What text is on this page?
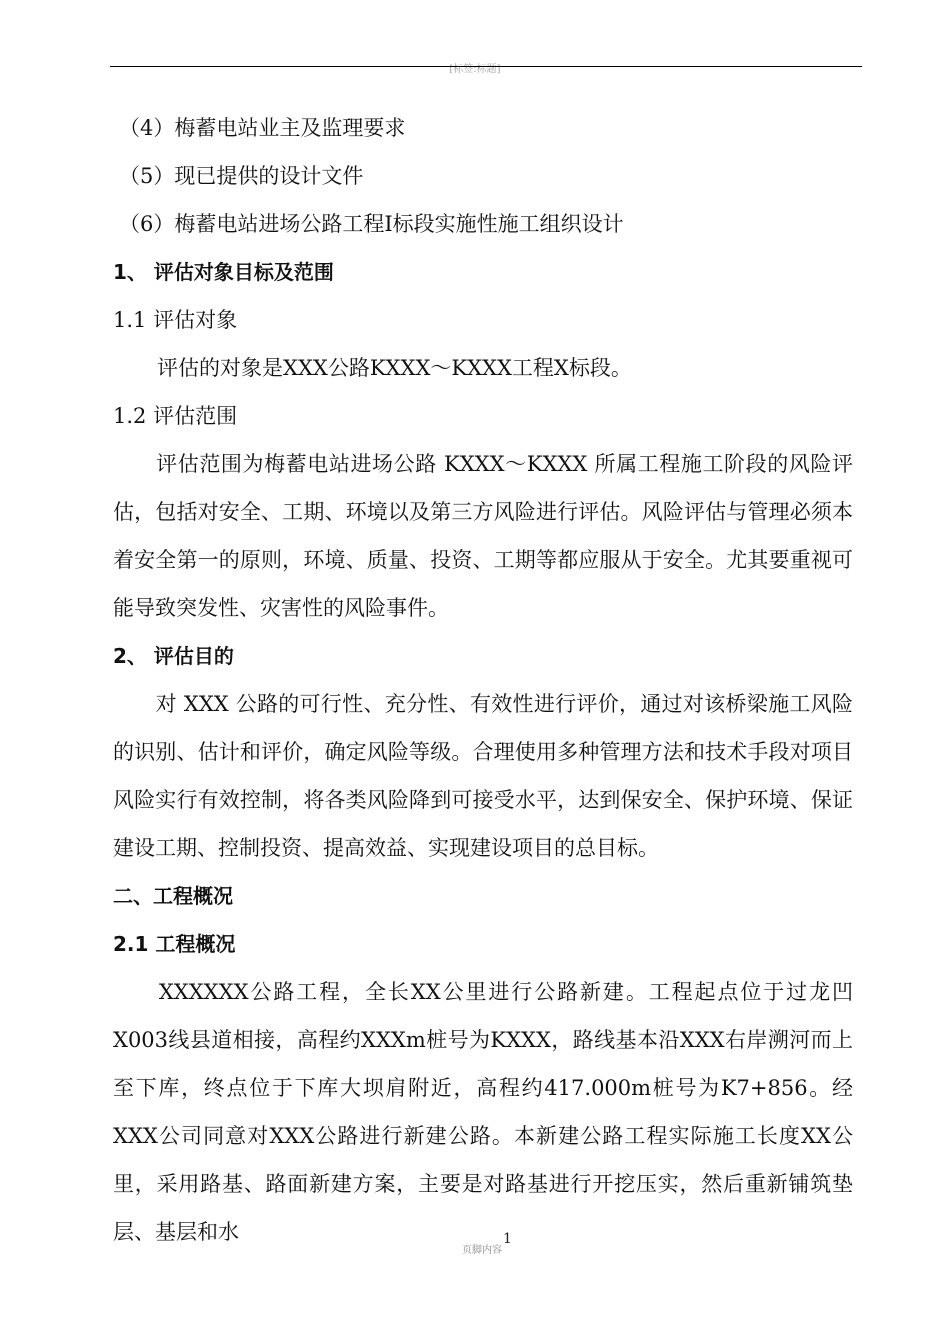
[标签:标题]
（4）梅蓄电站业主及监理要求
（5）现已提供的设计文件
（6）梅蓄电站进场公路工程Ⅰ标段实施性施工组织设计
1、 评估对象目标及范围
1.1 评估对象
评估的对象是XXX公路KXXX～KXXX工程X标段。
1.2 评估范围
　　评估范围为梅蓄电站进场公路 KXXX～KXXX 所属工程施工阶段的风险评估，包括对安全、工期、环境以及第三方风险进行评估。风险评估与管理必须本着安全第一的原则，环境、质量、投资、工期等都应服从于安全。尤其要重视可能导致突发性、灾害性的风险事件。
2、 评估目的
　　对 XXX 公路的可行性、充分性、有效性进行评价，通过对该桥梁施工风险的识别、估计和评价，确定风险等级。合理使用多种管理方法和技术手段对项目风险实行有效控制，将各类风险降到可接受水平，达到保安全、保护环境、保证建设工期、控制投资、提高效益、实现建设项目的总目标。
二、工程概况
2.1 工程概况
　　XXXXXX公路工程，全长XX公里进行公路新建。工程起点位于过龙凹X003线县道相接，高程约XXXm桩号为KXXX，路线基本沿XXX右岸溯河而上至下库，终点位于下库大坝肩附近，高程约417.000m桩号为K7+856。经XXX公司同意对XXX公路进行新建公路。本新建公路工程实际施工长度XX公里，采用路基、路面新建方案，主要是对路基进行开挖压实，然后重新铺筑垫层、基层和水
页脚内容
1
